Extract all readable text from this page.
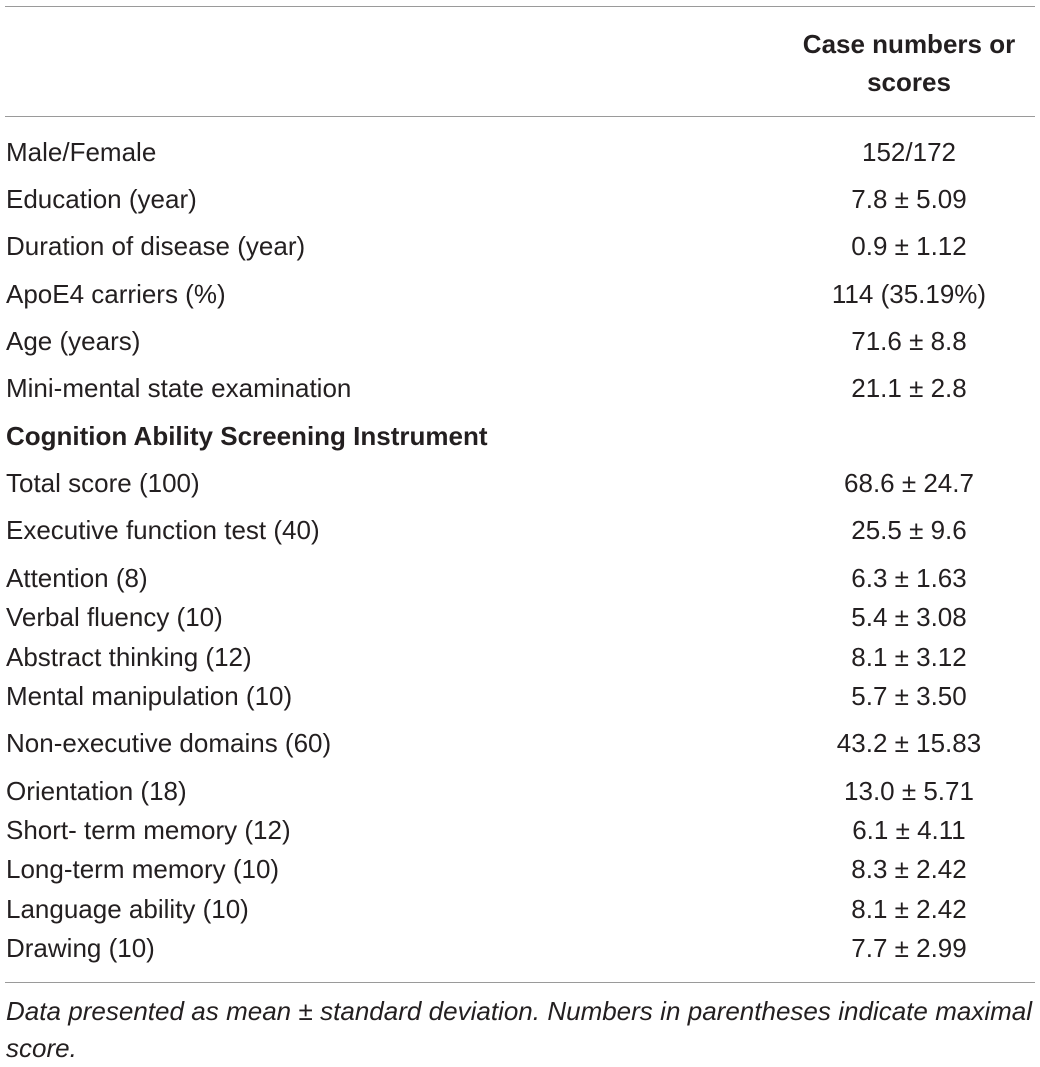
Case numbers or
scores
Male/Female	152/172
Education (year)	7.8 ± 5.09
Duration of disease (year)	0.9 ± 1.12
ApoE4 carriers (%)	114 (35.19%)
Age (years)	71.6 ± 8.8
Mini-mental state examination	21.1 ± 2.8
Cognition Ability Screening Instrument
Total score (100)	68.6 ± 24.7
Executive function test (40)	25.5 ± 9.6
Attention (8)	6.3 ± 1.63
Verbal fluency (10)	5.4 ± 3.08
Abstract thinking (12)	8.1 ± 3.12
Mental manipulation (10)	5.7 ± 3.50
Non-executive domains (60)	43.2 ± 15.83
Orientation (18)	13.0 ± 5.71
Short- term memory (12)	6.1 ± 4.11
Long-term memory (10)	8.3 ± 2.42
Language ability (10)	8.1 ± 2.42
Drawing (10)	7.7 ± 2.99
Data presented as mean ± standard deviation. Numbers in parentheses indicate maximal score.
